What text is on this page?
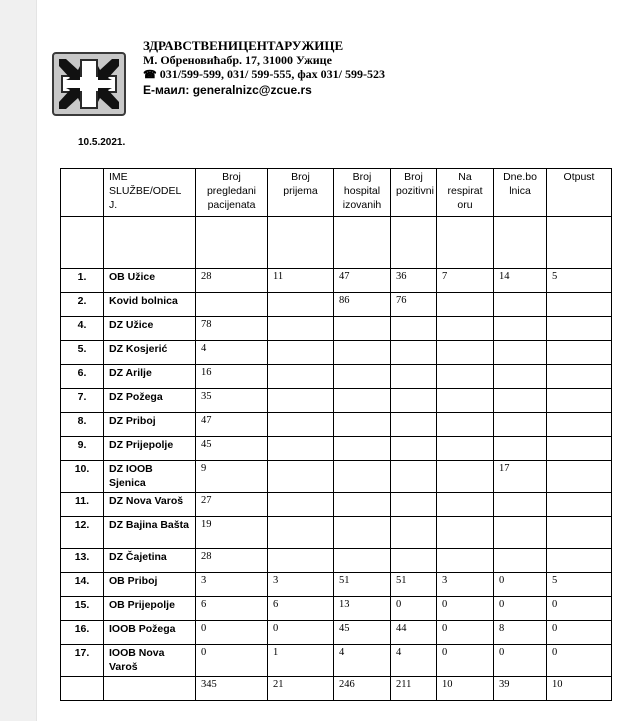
ЗДРАВСТВЕНИЦЕНТАРУЖИЦЕ
М. Обреновићабр. 17, 31000 Ужице
☎ 031/599-599, 031/ 599-555, фах 031/ 599-523
Е-маил: generalnizc@zcue.rs
10.5.2021.
	IME SLUŽBE/ODEL J.	Broj pregledani pacijenata	Broj prijema	Broj hospital izovanih	Broj pozitivni	Na respirat oru	Dne.bo lnica	Otpust

1.	OB Užice	28	11	47	36	7	14	5
2.	Kovid bolnica			86	76			
4.	DZ Užice	78						
5.	DZ Kosjerić	4						
6.	DZ Arilje	16						
7.	DZ Požega	35						
8.	DZ Priboj	47						
9.	DZ Prijepolje	45						
10.	DZ IOOB Sjenica	9					17	
11.	DZ Nova Varoš	27						
12.	DZ Bajina Bašta	19						
13.	DZ Čajetina	28						
14.	OB Priboj	3	3	51	51	3	0	5
15.	OB Prijepolje	6	6	13	0	0	0	0
16.	IOOB Požega	0	0	45	44	0	8	0
17.	IOOB Nova Varoš	0	1	4	4	0	0	0
		345	21	246	211	10	39	10
